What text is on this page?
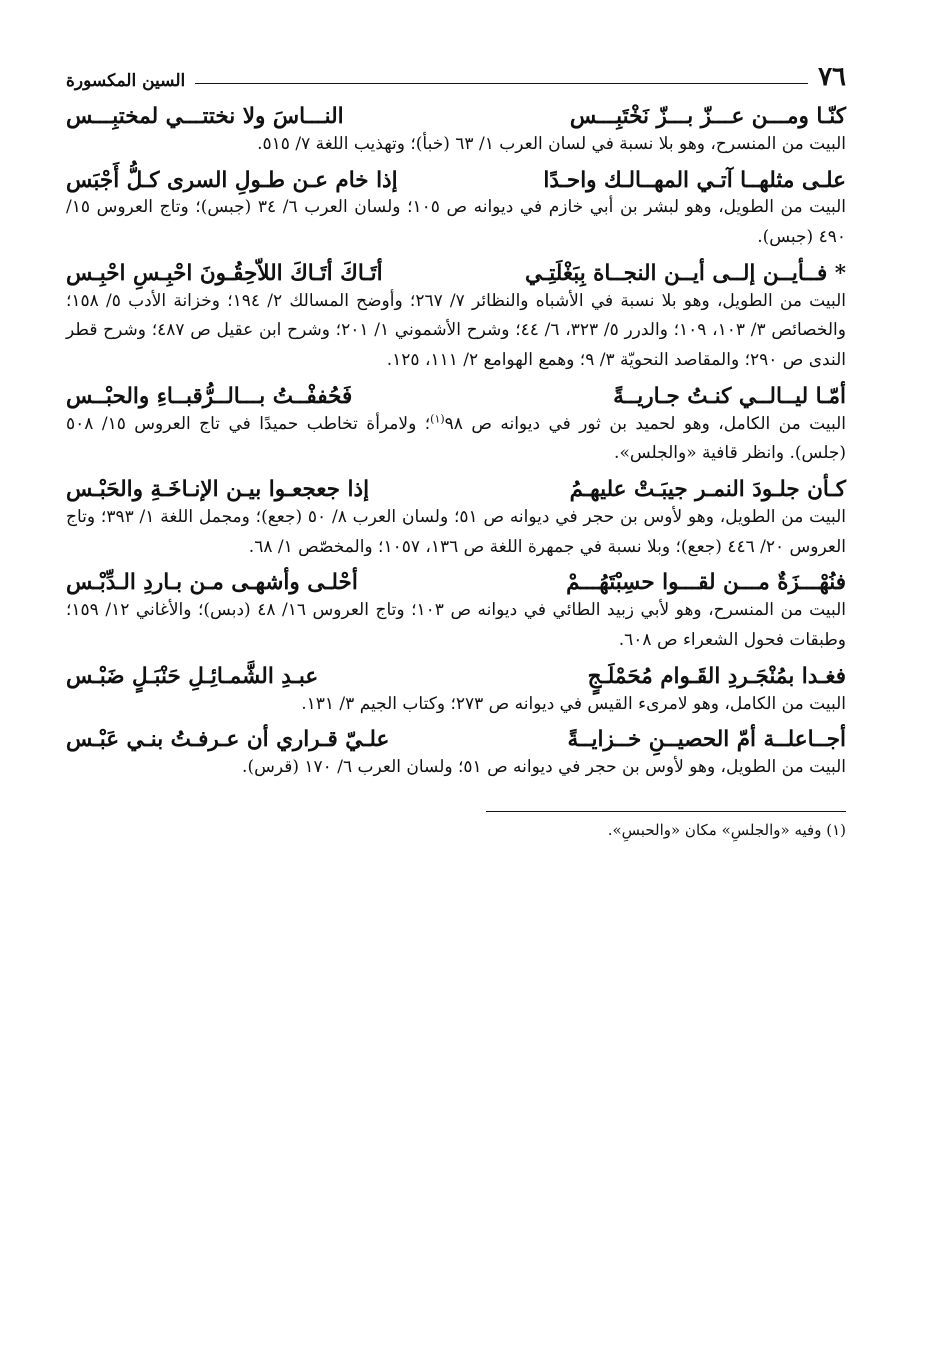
٧٦
السين المكسورة
كنّـا ومـــن عـــزّ بـــزّ نَخْتَبِـــس
النـــاسَ ولا نختتـــي لمختبِـــس

البيت من المنسرح، وهو بلا نسبة في لسان العرب ١/ ٦٣ (خبأ)؛ وتهذيب اللغة ٧/ ٥١٥.

علـى مثلهــا آتـي المهــالـك واحـدًا
إذا خام عـن طـولِ السرى كـلُّ أَجْبَس

البيت من الطويل، وهو لبشر بن أبي خازم في ديوانه ص ١٠٥؛ ولسان العرب ٦/ ٣٤ (جبس)؛ وتاج العروس ١٥/ ٤٩٠ (جبس).

* فــأيــن إلــى أيــن النجــاة بِبَغْلَتِـي
أتَـاكَ أتَـاكَ اللاّحِقُـونَ احْبِـسِ احْبِـس

البيت من الطويل، وهو بلا نسبة في الأشباه والنظائر ٧/ ٢٦٧؛ وأوضح المسالك ٢/ ١٩٤؛ وخزانة الأدب ٥/ ١٥٨؛ والخصائص ٣/ ١٠٣، ١٠٩؛ والدرر ٥/ ٣٢٣، ٦/ ٤٤؛ وشرح الأشموني ١/ ٢٠١؛ وشرح ابن عقيل ص ٤٨٧؛ وشرح قطر الندى ص ٢٩٠؛ والمقاصد النحويّة ٣/ ٩؛ وهمع الهوامع ٢/ ١١١، ١٢٥.

أمّـا ليــالــي كنـتُ جـاريــةً
فَحُففْــتُ بـــالــرُّقبــاءِ والحبْــس

البيت من الكامل، وهو لحميد بن ثور في ديوانه ص ٩٨$^{(١)}$؛ ولامرأة تخاطب حميدًا في تاج العروس ١٥/ ٥٠٨ (جلس). وانظر قافية «والجلس».

كـأن جلـودَ النمـر جيبَـتْ عليهـمُ
إذا جعجعـوا بيـن الإنـاخَـةِ والحَبْـس

البيت من الطويل، وهو لأوس بن حجر في ديوانه ص ٥١؛ ولسان العرب ٨/ ٥٠ (جعع)؛ ومجمل اللغة ١/ ٣٩٣؛ وتاج العروس ٢٠/ ٤٤٦ (جعع)؛ وبلا نسبة في جمهرة اللغة ص ١٣٦، ١٠٥٧؛ والمخصّص ١/ ٦٨.

فنُهْـــزَةٌ مـــن لقـــوا حسِبْتَهُـــمْ
أحْلـى وأشهـى مـن بـاردِ الـدِّبْـس

البيت من المنسرح، وهو لأبي زبيد الطائي في ديوانه ص ١٠٣؛ وتاج العروس ١٦/ ٤٨ (دبس)؛ والأغاني ١٢/ ١٥٩؛ وطبقات فحول الشعراء ص ٦٠٨.

فغـدا بمُنْجَـردِ القَـوام مُحَمْلَـجٍ
عبـدِ الشَّمـائِـلِ حَنْبَـلٍ ضَبْـس

البيت من الكامل، وهو لامرىء القيس في ديوانه ص ٢٧٣؛ وكتاب الجيم ٣/ ١٣١.

أجــاعلــة أمّ الحصيــنِ خــزايــةً
علـيّ قـراري أن عـرفـتُ بنـي عَبْـس

البيت من الطويل، وهو لأوس بن حجر في ديوانه ص ٥١؛ ولسان العرب ٦/ ١٧٠ (قرس).

(١) وفيه «والجلسِ» مكان «والحبسِ».
